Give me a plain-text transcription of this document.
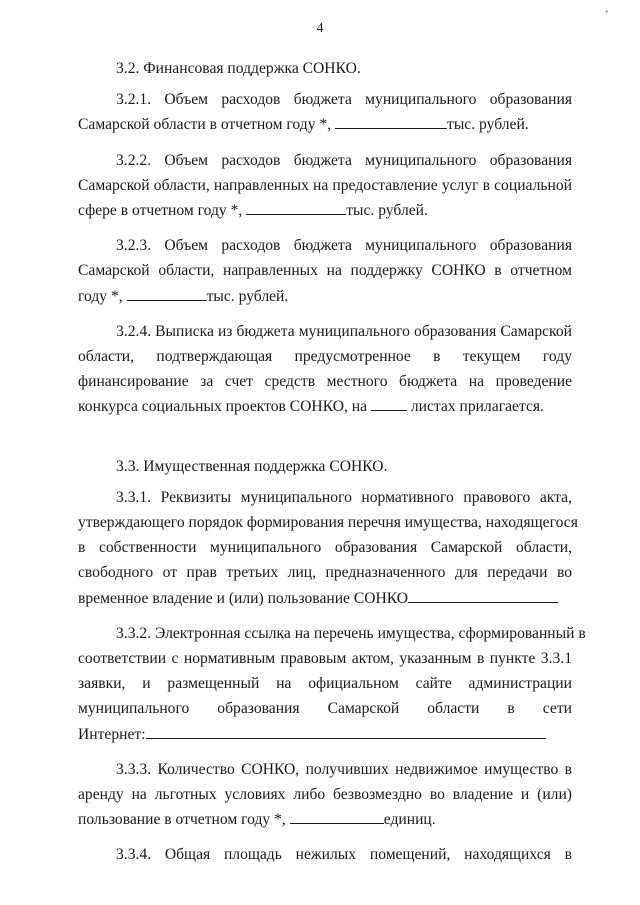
4
˚

3.2. Финансовая поддержка СОНКО.

3.2.1. Объем расходов бюджета муниципального образования
Самарской области в отчетном году *,	тыс. рублей.
3.2.2. Объем расходов бюджета муниципального образования
Самарской области, направленных на предоставление услуг в социальной
сфере в отчетном году *,	тыс. рублей.
3.2.3. Объем расходов бюджета муниципального образования
Самарской области, направленных на поддержку СОНКО в отчетном
году *,	тыс. рублей.
3.2.4. Выписка из бюджета муниципального образования Самарской
области, подтверждающая предусмотренное в текущем году
финансирование за счет средств местного бюджета на проведение
конкурса социальных проектов СОНКО, на	листах прилагается.
3.3. Имущественная поддержка СОНКО.
3.3.1. Реквизиты муниципального нормативного правового акта,
утверждающего порядок формирования перечня имущества, находящегося
в собственности муниципального образования Самарской области,
свободного от прав третьих лиц, предназначенного для передачи во
временное владение и (или) пользование СОНКО
3.3.2. Электронная ссылка на перечень имущества, сформированный в
соответствии с нормативным правовым актом, указанным в пункте 3.3.1
заявки, и размещенный на официальном сайте администрации
муниципального образования Самарской области в сети
Интернет:
3.3.3. Количество СОНКО, получивших недвижимое имущество в
аренду на льготных условиях либо безвозмездно во владение и (или)
пользование в отчетном году *,	единиц.
3.3.4. Общая площадь нежилых помещений, находящихся в
